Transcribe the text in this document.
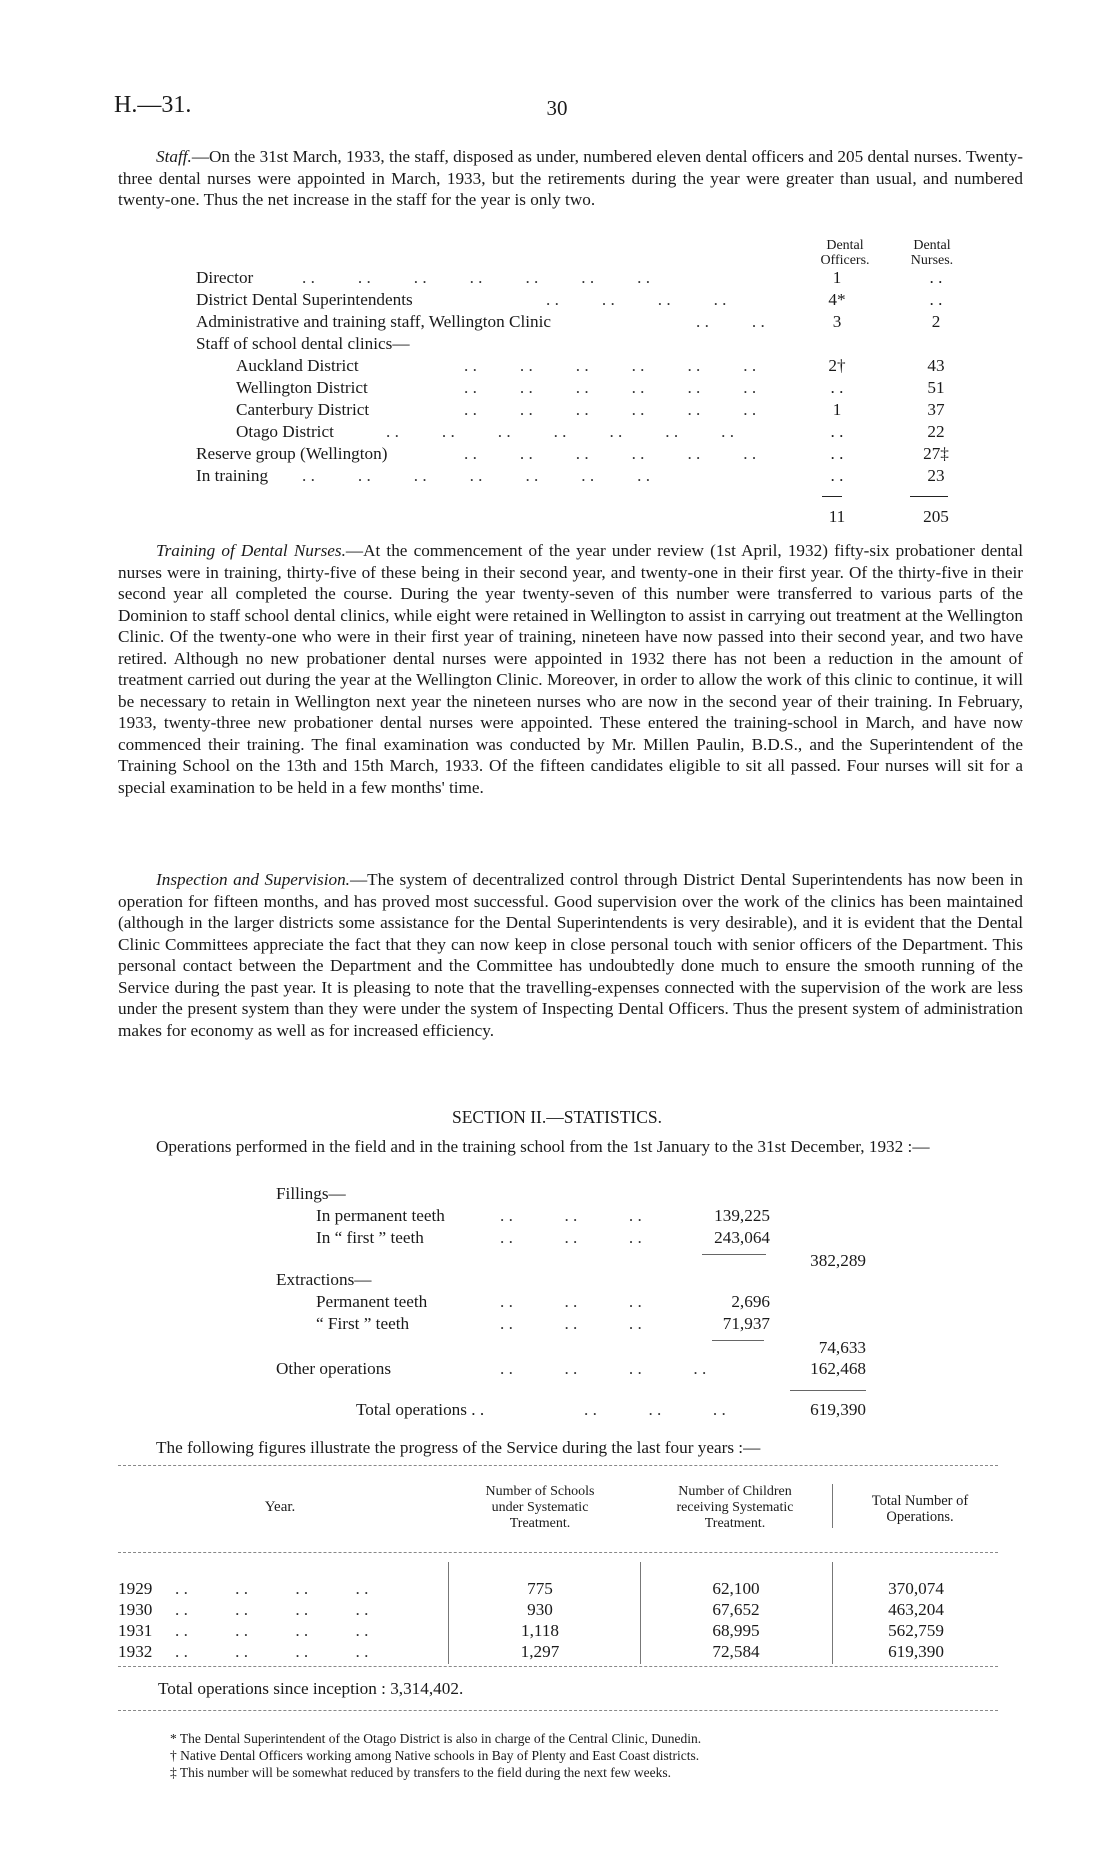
H.—31.	30

Staff.—On the 31st March, 1933, the staff, disposed as under, numbered eleven dental officers and 205 dental nurses. Twenty-three dental nurses were appointed in March, 1933, but the retirements during the year were greater than usual, and numbered twenty-one. Thus the net increase in the staff for the year is only two.

Dental
Officers.
Dental
Nurses.
Director	. .          . .          . .          . .          . .          . .          . .	1	. .
District Dental Superintendents	. .          . .          . .          . .	4*	. .
Administrative and training staff, Wellington Clinic	. .          . .	3	2
Staff of school dental clinics—
Auckland District	. .          . .          . .          . .          . .          . .	2†	43
Wellington District	. .          . .          . .          . .          . .          . .	. .	51
Canterbury District	. .          . .          . .          . .          . .          . .	1	37
Otago District	. .          . .          . .          . .          . .          . .          . .	. .	22
Reserve group (Wellington)	. .          . .          . .          . .          . .          . .	. .	27‡
In training . .          . .          . .          . .          . .          . .          . .	. .	23
11	205

Training of Dental Nurses.—At the commencement of the year under review (1st April, 1932) fifty-six probationer dental nurses were in training, thirty-five of these being in their second year, and twenty-one in their first year. Of the thirty-five in their second year all completed the course. During the year twenty-seven of this number were transferred to various parts of the Dominion to staff school dental clinics, while eight were retained in Wellington to assist in carrying out treatment at the Wellington Clinic. Of the twenty-one who were in their first year of training, nineteen have now passed into their second year, and two have retired. Although no new probationer dental nurses were appointed in 1932 there has not been a reduction in the amount of treatment carried out during the year at the Wellington Clinic. Moreover, in order to allow the work of this clinic to continue, it will be necessary to retain in Wellington next year the nineteen nurses who are now in the second year of their training. In February, 1933, twenty-three new probationer dental nurses were appointed. These entered the training-school in March, and have now commenced their training. The final examination was conducted by Mr. Millen Paulin, B.D.S., and the Superintendent of the Training School on the 13th and 15th March, 1933. Of the fifteen candidates eligible to sit all passed. Four nurses will sit for a special examination to be held in a few months' time.

Inspection and Supervision.—The system of decentralized control through District Dental Superintendents has now been in operation for fifteen months, and has proved most successful. Good supervision over the work of the clinics has been maintained (although in the larger districts some assistance for the Dental Superintendents is very desirable), and it is evident that the Dental Clinic Committees appreciate the fact that they can now keep in close personal touch with senior officers of the Department. This personal contact between the Department and the Committee has undoubtedly done much to ensure the smooth running of the Service during the past year. It is pleasing to note that the travelling-expenses connected with the supervision of the work are less under the present system than they were under the system of Inspecting Dental Officers. Thus the present system of administration makes for economy as well as for increased efficiency.

SECTION II.—STATISTICS.

Operations performed in the field and in the training school from the 1st January to the 31st December, 1932 :—

Fillings—
In permanent teeth	. .            . .            . .	139,225
In “ first ” teeth	. .            . .            . .	243,064
382,289
Extractions—
Permanent teeth	. .            . .            . .	2,696
“ First ” teeth	. .            . .            . .	71,937
74,633
Other operations	. .            . .            . .            . .	162,468
Total operations . .	. .            . .            . .	619,390

The following figures illustrate the progress of the Service during the last four years :—

Year.
Number of Schools
under Systematic
Treatment.
Number of Children
receiving Systematic
Treatment.
Total Number of
Operations.
1929 . .           . .           . .           . .	775	62,100	370,074
1930 . .           . .           . .           . .	930	67,652	463,204
1931 . .           . .           . .           . .	1,118	68,995	562,759
1932 . .           . .           . .           . .	1,297	72,584	619,390
Total operations since inception : 3,314,402.
* The Dental Superintendent of the Otago District is also in charge of the Central Clinic, Dunedin.
† Native Dental Officers working among Native schools in Bay of Plenty and East Coast districts.
‡ This number will be somewhat reduced by transfers to the field during the next few weeks.
